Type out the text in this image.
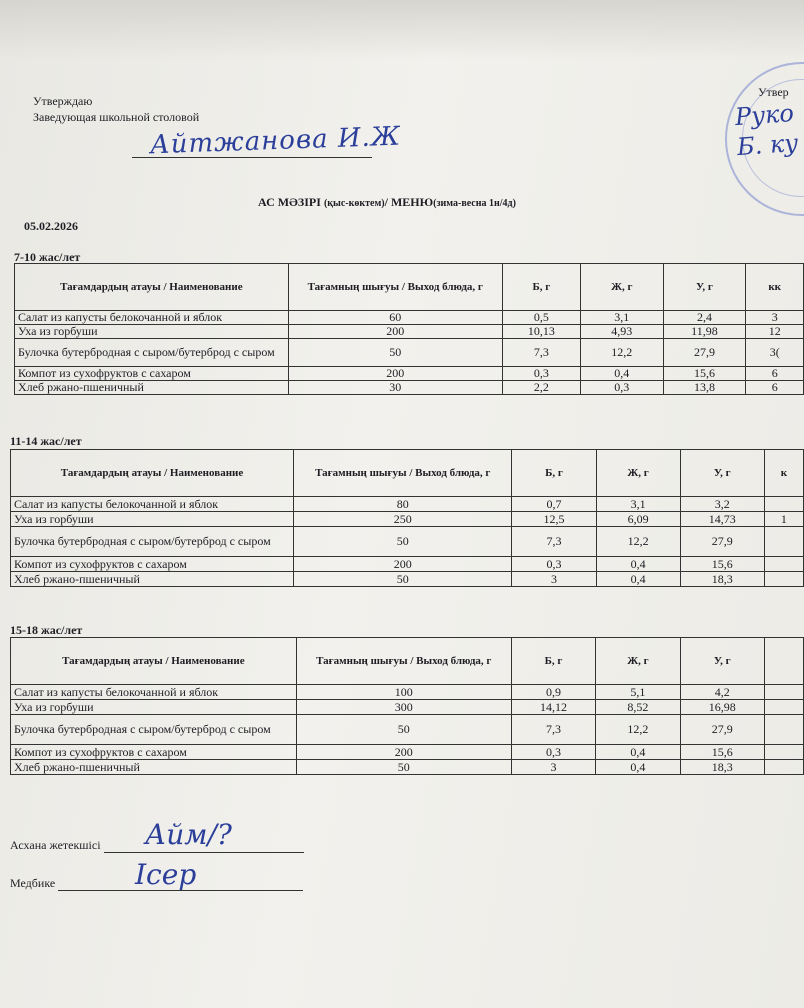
Утверждаю
Заведующая школьной столовой
Айтжанова И.Ж
Утвер
Руко
Б. ку
АС МӘЗІРІ (қыс-көктем)/ МЕНЮ(зима-весна 1н/4д)
05.02.2026
7-10 жас/лет
Тағамдардың атауы / Наименование	Тағамның шығуы / Выход блюда, г	Б, г	Ж, г	У, г	кк
Салат из капусты белокочанной и яблок	60	0,5	3,1	2,4	3
Уха из горбуши	200	10,13	4,93	11,98	12
Булочка бутербродная с сыром/бутерброд с сыром	50	7,3	12,2	27,9	3(
Компот из сухофруктов с сахаром	200	0,3	0,4	15,6	6
Хлеб ржано-пшеничный	30	2,2	0,3	13,8	6
11-14 жас/лет
Тағамдардың атауы / Наименование	Тағамның шығуы / Выход блюда, г	Б, г	Ж, г	У, г	к
Салат из капусты белокочанной и яблок	80	0,7	3,1	3,2	
Уха из горбуши	250	12,5	6,09	14,73	1
Булочка бутербродная с сыром/бутерброд с сыром	50	7,3	12,2	27,9	
Компот из сухофруктов с сахаром	200	0,3	0,4	15,6	
Хлеб ржано-пшеничный	50	3	0,4	18,3	
15-18 жас/лет
Тағамдардың атауы / Наименование	Тағамның шығуы / Выход блюда, г	Б, г	Ж, г	У, г	
Салат из капусты белокочанной и яблок	100	0,9	5,1	4,2	
Уха из горбуши	300	14,12	8,52	16,98	
Булочка бутербродная с сыром/бутерброд с сыром	50	7,3	12,2	27,9	
Компот из сухофруктов с сахаром	200	0,3	0,4	15,6	
Хлеб ржано-пшеничный	50	3	0,4	18,3	
Асхана жетекшісі	Айм/?
Медбике	Ісер
